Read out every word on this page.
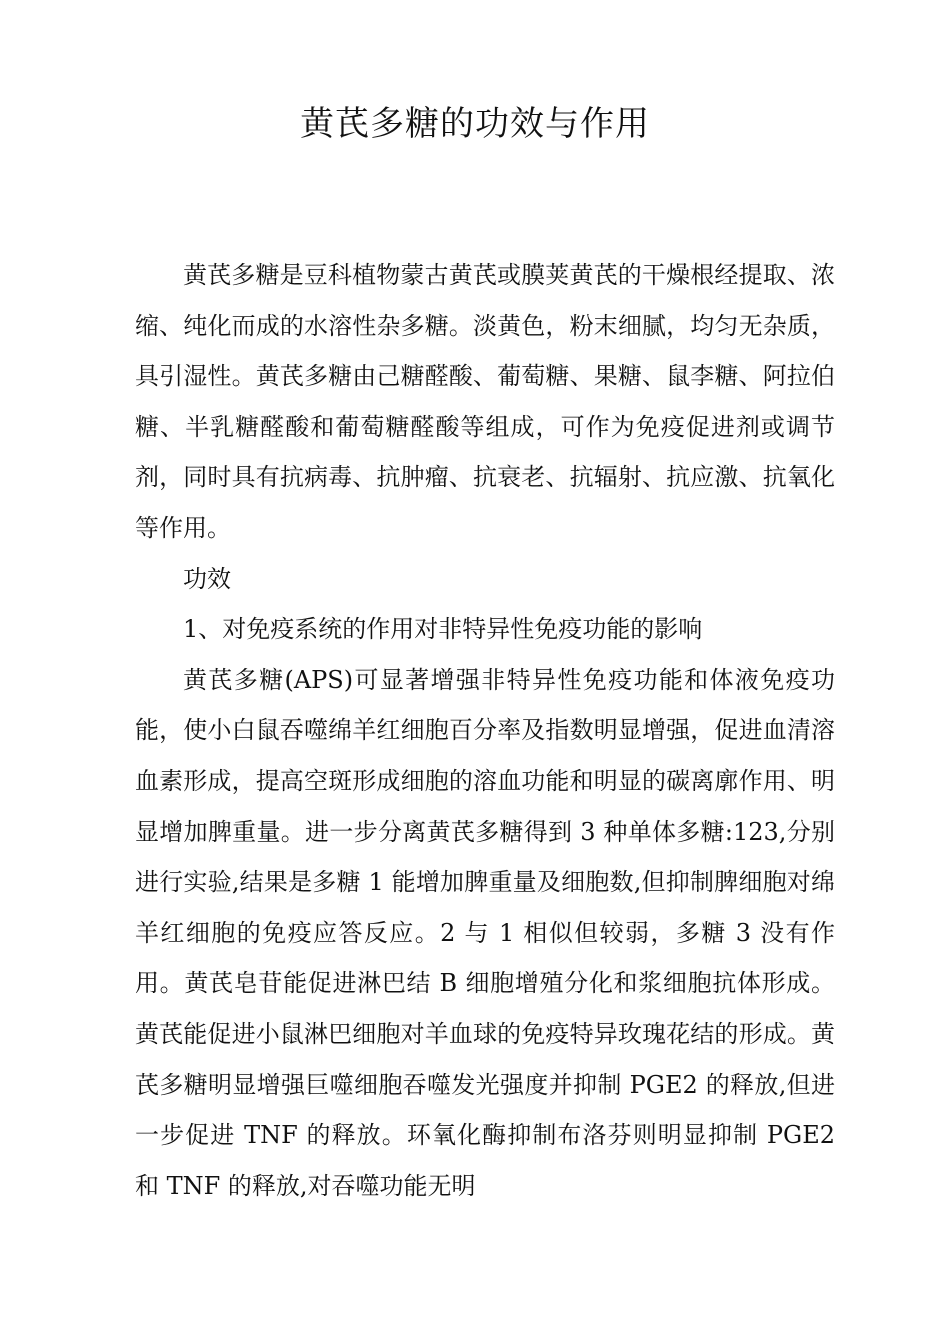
黄芪多糖的功效与作用

黄芪多糖是豆科植物蒙古黄芪或膜荚黄芪的干燥根经提取、浓缩、纯化而成的水溶性杂多糖。淡黄色，粉末细腻，均匀无杂质，具引湿性。黄芪多糖由己糖醛酸、葡萄糖、果糖、鼠李糖、阿拉伯糖、半乳糖醛酸和葡萄糖醛酸等组成，可作为免疫促进剂或调节剂，同时具有抗病毒、抗肿瘤、抗衰老、抗辐射、抗应激、抗氧化等作用。

功效

1、对免疫系统的作用对非特异性免疫功能的影响

黄芪多糖(APS)可显著增强非特异性免疫功能和体液免疫功能，使小白鼠吞噬绵羊红细胞百分率及指数明显增强，促进血清溶血素形成，提高空斑形成细胞的溶血功能和明显的碳离廓作用、明显增加脾重量。进一步分离黄芪多糖得到 3 种单体多糖:123,分别进行实验,结果是多糖 1 能增加脾重量及细胞数,但抑制脾细胞对绵羊红细胞的免疫应答反应。2 与 1 相似但较弱，多糖 3 没有作用。黄芪皂苷能促进淋巴结 B 细胞增殖分化和浆细胞抗体形成。黄芪能促进小鼠淋巴细胞对羊血球的免疫特异玫瑰花结的形成。黄芪多糖明显增强巨噬细胞吞噬发光强度并抑制 PGE2 的释放,但进一步促进 TNF 的释放。环氧化酶抑制布洛芬则明显抑制 PGE2 和 TNF 的释放,对吞噬功能无明
